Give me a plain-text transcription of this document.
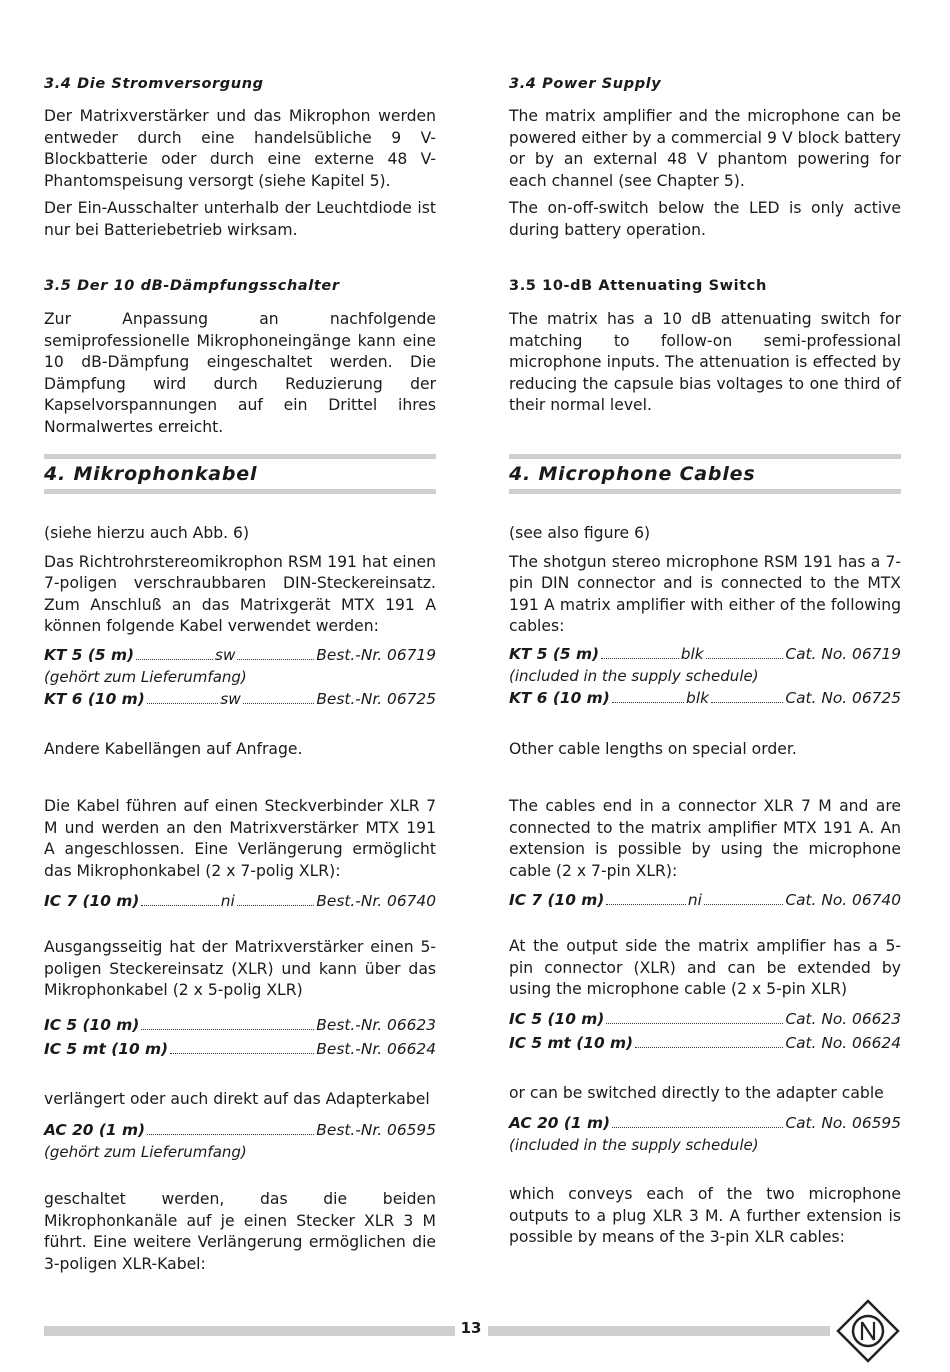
3.4 Die Stromversorgung

Der Matrixverstärker und das Mikrophon werden entweder durch eine handelsübliche 9 V-Blockbatterie oder durch eine externe 48 V-Phantomspeisung versorgt (siehe Kapitel 5).

Der Ein-Ausschalter unterhalb der Leuchtdiode ist nur bei Batteriebetrieb wirksam.

3.5 Der 10 dB-Dämpfungsschalter

Zur Anpassung an nachfolgende semiprofessionelle Mikrophoneingänge kann eine 10 dB-Dämpfung eingeschaltet werden. Die Dämpfung wird durch Reduzierung der Kapselvorspannungen auf ein Drittel ihres Normalwertes erreicht.

4. Mikrophonkabel

(siehe hierzu auch Abb. 6)

Das Richtrohrstereomikrophon RSM 191 hat einen 7-poligen verschraubbaren DIN-Steckereinsatz. Zum Anschluß an das Matrixgerät MTX 191 A können folgende Kabel verwendet werden:

KT 5 (5 m)	sw	Best.-Nr. 06719
(gehört zum Lieferumfang)
KT 6 (10 m)	sw	Best.-Nr. 06725

Andere Kabellängen auf Anfrage.

Die Kabel führen auf einen Steckverbinder XLR 7 M und werden an den Matrixverstärker MTX 191 A angeschlossen. Eine Verlängerung ermöglicht das Mikrophonkabel (2 x 7-polig XLR):

IC 7 (10 m)	ni	Best.-Nr. 06740

Ausgangsseitig hat der Matrixverstärker einen 5-poligen Steckereinsatz (XLR) und kann über das Mikrophonkabel (2 x 5-polig XLR)

IC 5 (10 m)	Best.-Nr. 06623
IC 5 mt (10 m)	Best.-Nr. 06624

verlängert oder auch direkt auf das Adapterkabel

AC 20 (1 m)	Best.-Nr. 06595
(gehört zum Lieferumfang)

geschaltet werden, das die beiden Mikrophonkanäle auf je einen Stecker XLR 3 M führt. Eine weitere Verlängerung ermöglichen die 3-poligen XLR-Kabel:

3.4 Power Supply

The matrix amplifier and the microphone can be powered either by a commercial 9 V block battery or by an external 48 V phantom powering for each channel (see Chapter 5).

The on-off-switch below the LED is only active during battery operation.

3.5 10-dB Attenuating Switch

The matrix has a 10 dB attenuating switch for matching to follow-on semi-professional microphone inputs. The attenuation is effected by reducing the capsule bias voltages to one third of their normal level.

4. Microphone Cables

(see also figure 6)

The shotgun stereo microphone RSM 191 has a 7-pin DIN connector and is connected to the MTX 191 A matrix amplifier with either of the following cables:

KT 5 (5 m)	blk	Cat. No. 06719
(included in the supply schedule)
KT 6 (10 m)	blk	Cat. No. 06725

Other cable lengths on special order.

The cables end in a connector XLR 7 M and are connected to the matrix amplifier MTX 191 A. An extension is possible by using the microphone cable (2 x 7-pin XLR):

IC 7 (10 m)	ni	Cat. No. 06740

At the output side the matrix amplifier has a 5-pin connector (XLR) and can be extended by using the microphone cable (2 x 5-pin XLR)

IC 5 (10 m)	Cat. No. 06623
IC 5 mt (10 m)	Cat. No. 06624

or can be switched directly to the adapter cable

AC 20 (1 m)	Cat. No. 06595
(included in the supply schedule)

which conveys each of the two microphone outputs to a plug XLR 3 M. A further extension is possible by means of the 3-pin XLR cables:

13
